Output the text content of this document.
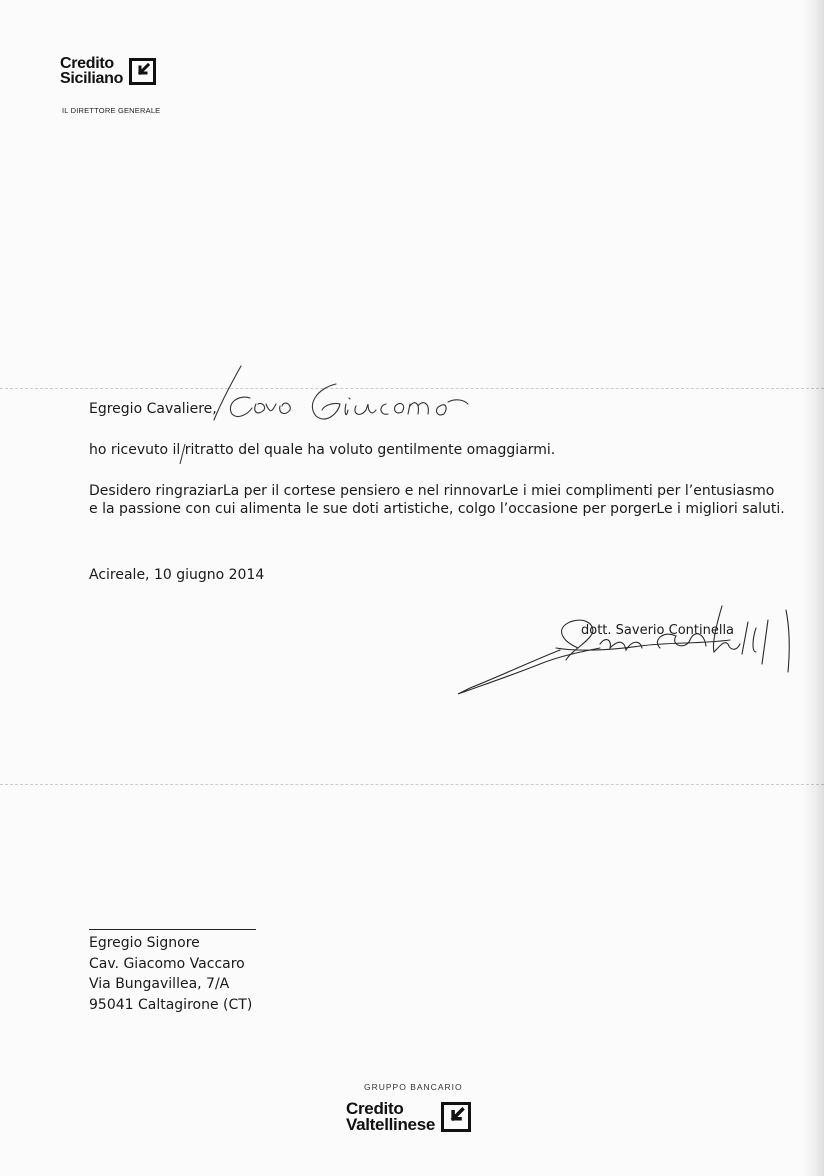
Credito
Siciliano
IL DIRETTORE GENERALE
Egregio Cavaliere,
ho ricevuto il ritratto del quale ha voluto gentilmente omaggiarmi.
Desidero ringraziarLa per il cortese pensiero e nel rinnovarLe i miei complimenti per l’entusiasmo
e la passione con cui alimenta le sue doti artistiche, colgo l’occasione per porgerLe i migliori saluti.
Acireale, 10 giugno 2014
dott. Saverio Continella
Egregio Signore
Cav. Giacomo Vaccaro
Via Bungavillea, 7/A
95041 Caltagirone (CT)
GRUPPO BANCARIO
Credito
Valtellinese
